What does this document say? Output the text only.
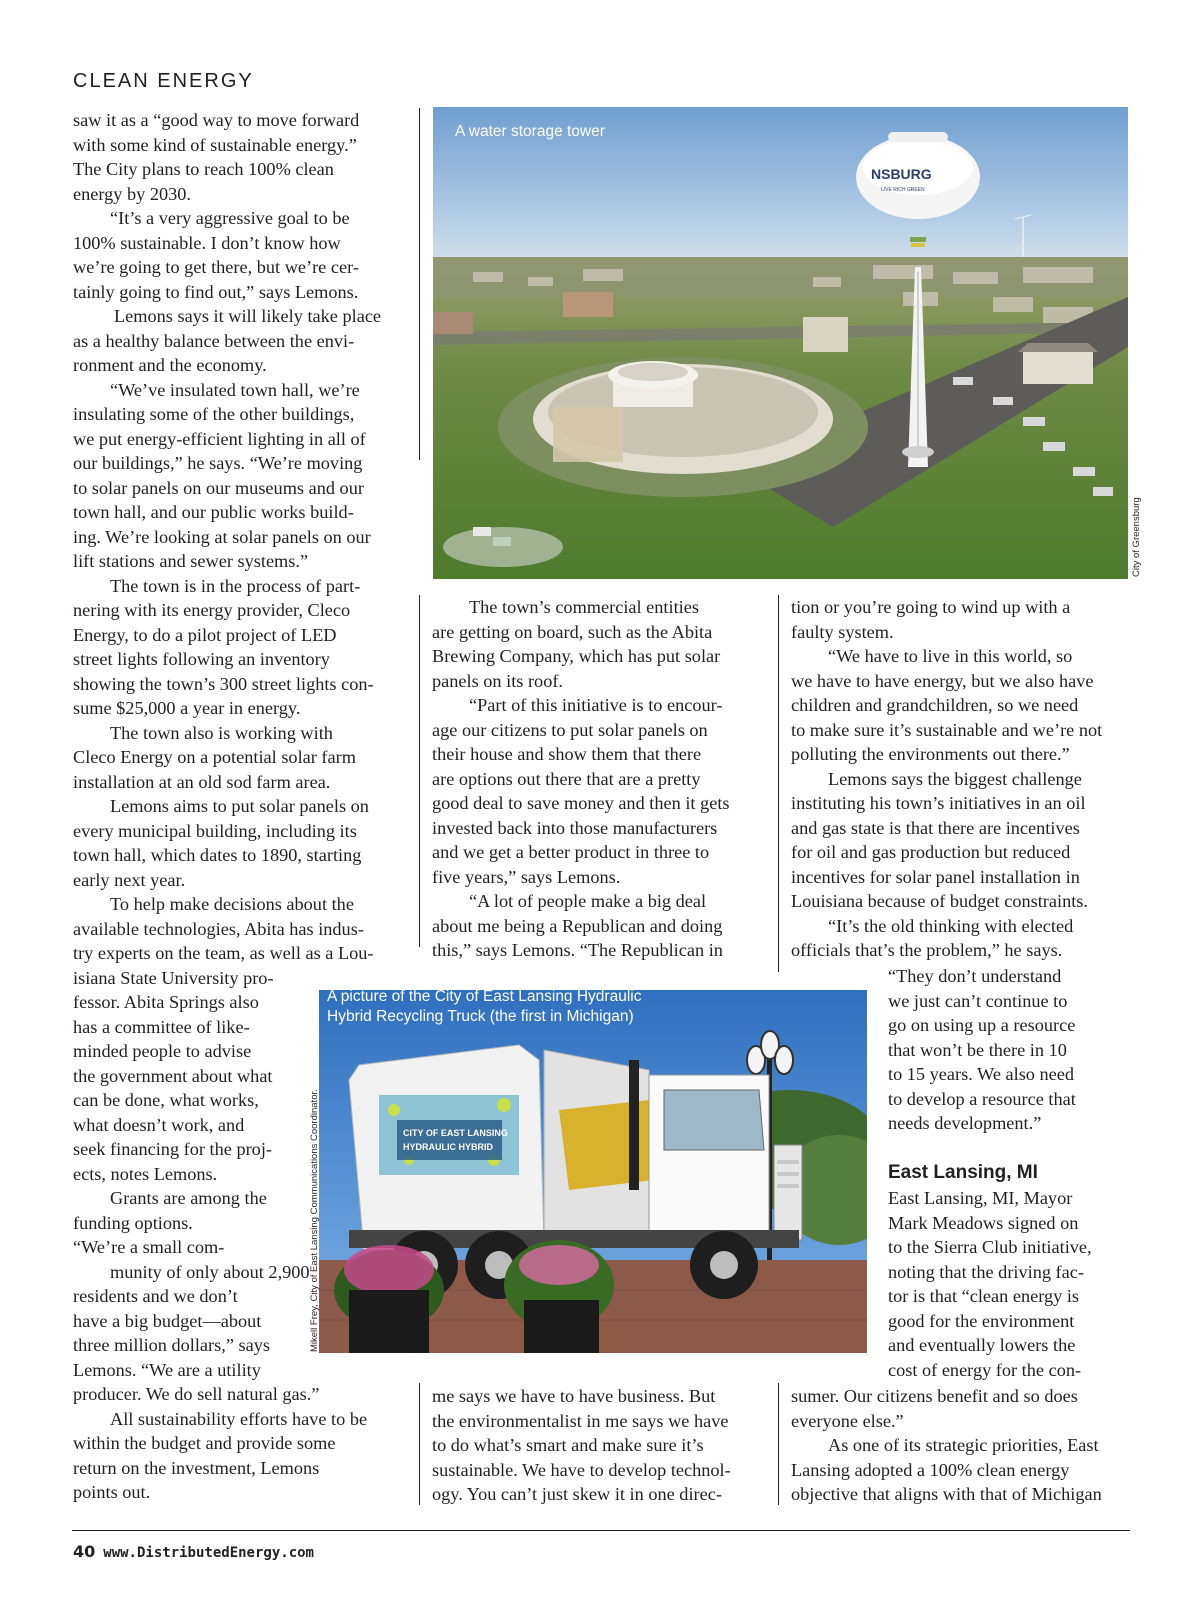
CLEAN ENERGY
saw it as a “good way to move forward
with some kind of sustainable energy.”
The City plans to reach 100% clean
energy by 2030.
“It’s a very aggressive goal to be
100% sustainable. I don’t know how
we’re going to get there, but we’re cer-
tainly going to find out,” says Lemons.
Lemons says it will likely take place
as a healthy balance between the envi-
ronment and the economy.
“We’ve insulated town hall, we’re
insulating some of the other buildings,
we put energy-efficient lighting in all of
our buildings,” he says. “We’re moving
to solar panels on our museums and our
town hall, and our public works build-
ing. We’re looking at solar panels on our
lift stations and sewer systems.”
The town is in the process of part-
nering with its energy provider, Cleco
Energy, to do a pilot project of LED
street lights following an inventory
showing the town’s 300 street lights con-
sume $25,000 a year in energy.
The town also is working with
Cleco Energy on a potential solar farm
installation at an old sod farm area.
Lemons aims to put solar panels on
every municipal building, including its
town hall, which dates to 1890, starting
early next year.
To help make decisions about the
available technologies, Abita has indus-
try experts on the team, as well as a Lou-
isiana State University pro-
fessor. Abita Springs also
has a committee of like-
minded people to advise
the government about what
can be done, what works,
what doesn’t work, and
seek financing for the proj-
ects, notes Lemons.
Grants are among the
funding options.
“We’re a small com-
munity of only about 2,900
residents and we don’t
have a big budget—about
three million dollars,” says
Lemons. “We are a utility
producer. We do sell natural gas.”
All sustainability efforts have to be
within the budget and provide some
return on the investment, Lemons
points out.
The town’s commercial entities
are getting on board, such as the Abita
Brewing Company, which has put solar
panels on its roof.
“Part of this initiative is to encour-
age our citizens to put solar panels on
their house and show them that there
are options out there that are a pretty
good deal to save money and then it gets
invested back into those manufacturers
and we get a better product in three to
five years,” says Lemons.
“A lot of people make a big deal
about me being a Republican and doing
this,” says Lemons. “The Republican in
me says we have to have business. But
the environmentalist in me says we have
to do what’s smart and make sure it’s
sustainable. We have to develop technol-
ogy. You can’t just skew it in one direc-
tion or you’re going to wind up with a
faulty system.
“We have to live in this world, so
we have to have energy, but we also have
children and grandchildren, so we need
to make sure it’s sustainable and we’re not
polluting the environments out there.”
Lemons says the biggest challenge
instituting his town’s initiatives in an oil
and gas state is that there are incentives
for oil and gas production but reduced
incentives for solar panel installation in
Louisiana because of budget constraints.
“It’s the old thinking with elected
officials that’s the problem,” he says.
“They don’t understand
we just can’t continue to
go on using up a resource
that won’t be there in 10
to 15 years. We also need
to develop a resource that
needs development.”
East Lansing, MI, Mayor
Mark Meadows signed on
to the Sierra Club initiative,
noting that the driving fac-
tor is that “clean energy is
good for the environment
and eventually lowers the
cost of energy for the con-
sumer. Our citizens benefit and so does
everyone else.”
As one of its strategic priorities, East
Lansing adopted a 100% clean energy
objective that aligns with that of Michigan
NSBURG
LIVE RICH GREEN
A water storage tower
City of Greensburg
CITY OF EAST LANSING
HYDRAULIC HYBRID
A picture of the City of East Lansing Hydraulic
Hybrid Recycling Truck (the first in Michigan)
Mikell Frey, City of East Lansing Communications Coordinator.	East Lansing, MI
40 www.DistributedEnergy.com
